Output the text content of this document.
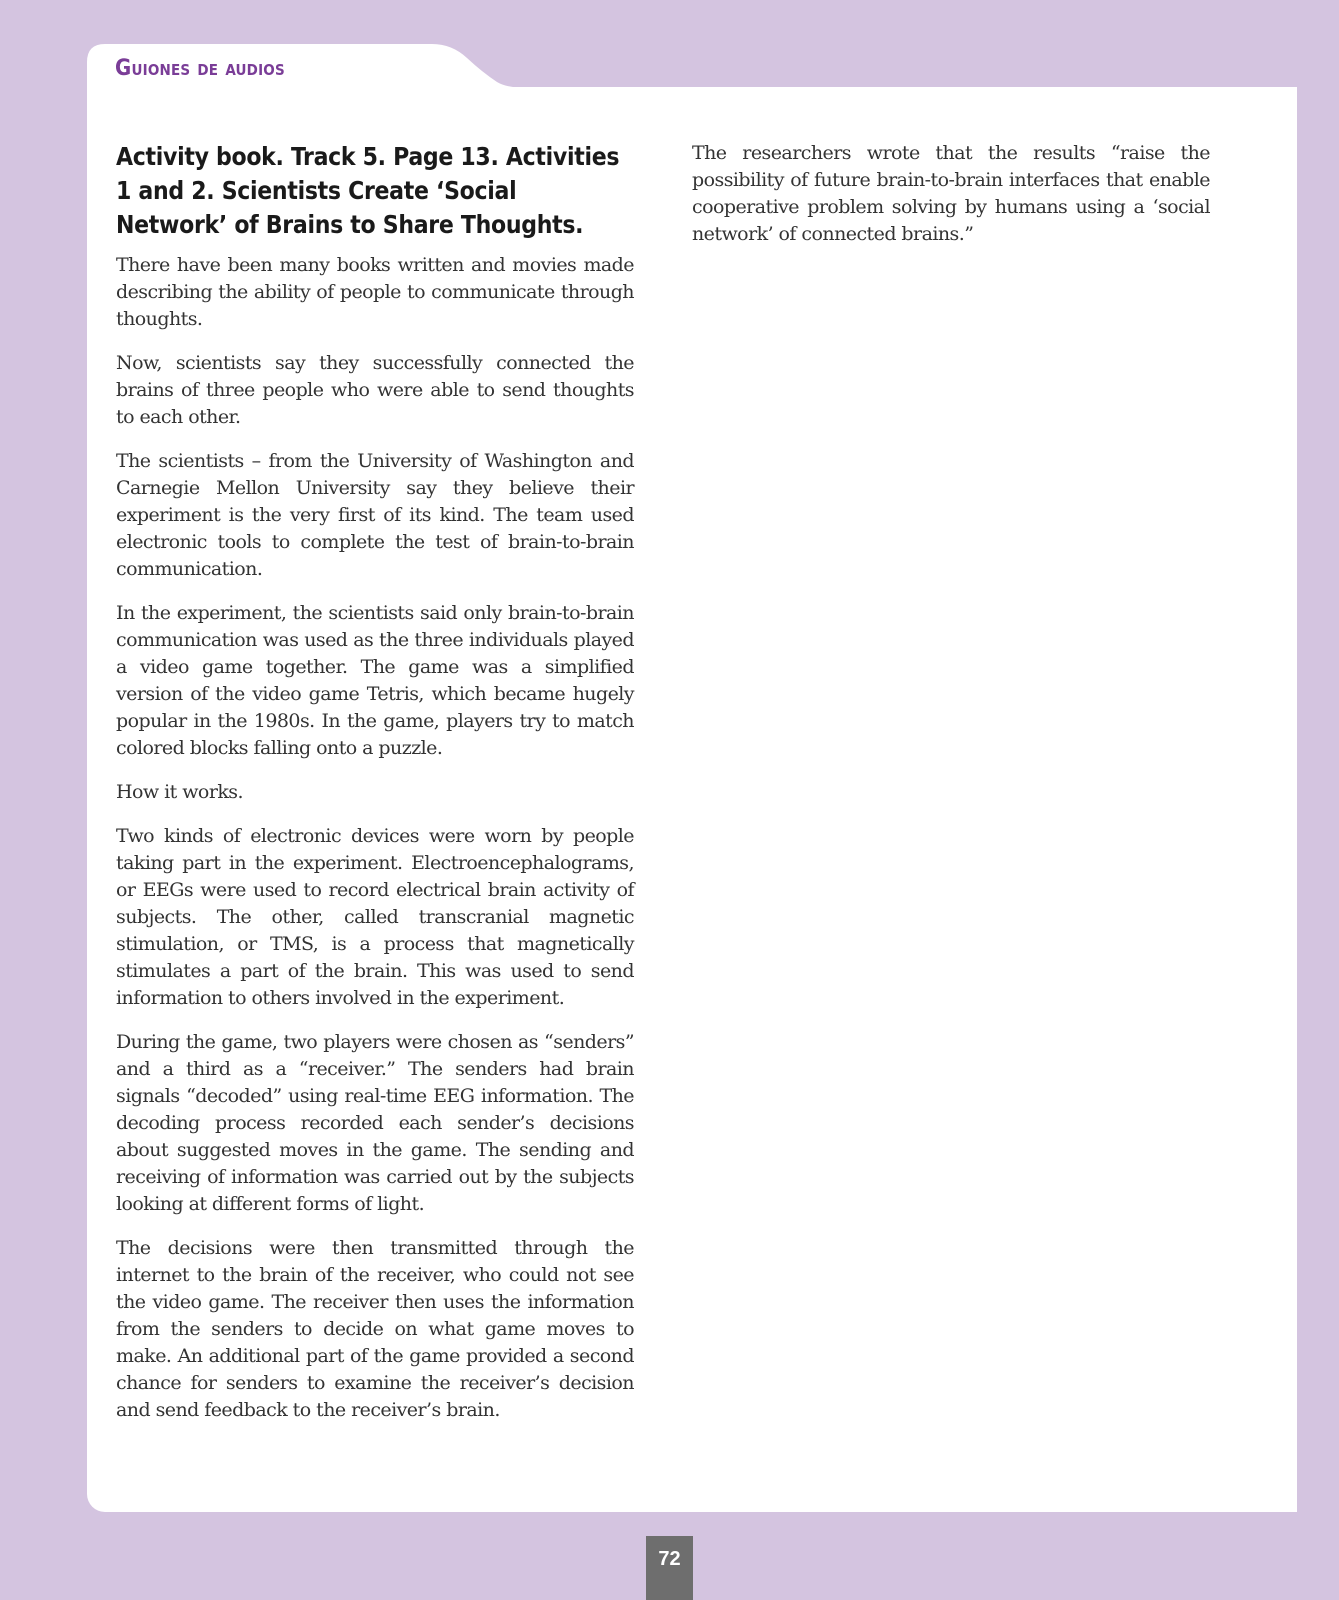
Guiones de audios
Activity book. Track 5. Page 13. Activities 1 and 2. Scientists Create ‘Social Network’ of Brains to Share Thoughts.

There have been many books written and movies made describing the ability of people to communicate through thoughts.

Now, scientists say they successfully connected the brains of three people who were able to send thoughts to each other.

The scientists – from the University of Washington and Carnegie Mellon University say they believe their experiment is the very first of its kind. The team used electronic tools to complete the test of brain-to-brain communication.

In the experiment, the scientists said only brain-to-brain communication was used as the three individuals played a video game together. The game was a simplified version of the video game Tetris, which became hugely popular in the 1980s. In the game, players try to match colored blocks falling onto a puzzle.

How it works.

Two kinds of electronic devices were worn by people taking part in the experiment. Electroencephalograms, or EEGs were used to record electrical brain activity of subjects. The other, called transcranial magnetic stimulation, or TMS, is a process that magnetically stimulates a part of the brain. This was used to send information to others involved in the experiment.

During the game, two players were chosen as “senders” and a third as a “receiver.” The senders had brain signals “decoded” using real-time EEG information. The decoding process recorded each sender’s decisions about suggested moves in the game. The sending and receiving of information was carried out by the subjects looking at different forms of light.

The decisions were then transmitted through the internet to the brain of the receiver, who could not see the video game. The receiver then uses the information from the senders to decide on what game moves to make. An additional part of the game provided a second chance for senders to examine the receiver’s decision and send feedback to the receiver’s brain.

The researchers wrote that the results “raise the possibility of future brain-to-brain interfaces that enable cooperative problem solving by humans using a ‘social network’ of connected brains.”

72
